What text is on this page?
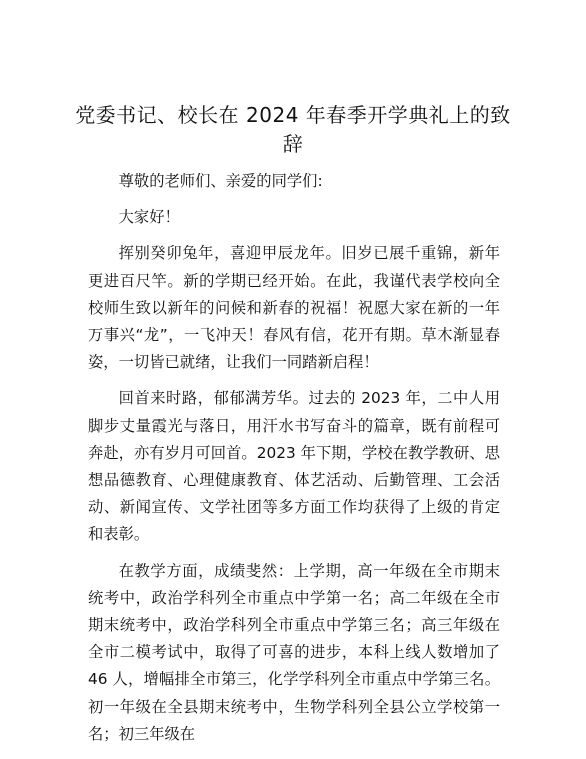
党委书记、校长在 2024 年春季开学典礼上的致辞

尊敬的老师们、亲爱的同学们:

大家好！

挥别癸卯兔年，喜迎甲辰龙年。旧岁已展千重锦，新年更进百尺竿。新的学期已经开始。在此，我谨代表学校向全校师生致以新年的问候和新春的祝福！祝愿大家在新的一年万事兴“龙”，一飞冲天！春风有信，花开有期。草木渐显春姿，一切皆已就绪，让我们一同踏新启程！

回首来时路，郁郁满芳华。过去的 2023 年，二中人用脚步丈量霞光与落日，用汗水书写奋斗的篇章，既有前程可奔赴，亦有岁月可回首。2023 年下期，学校在教学教研、思想品德教育、心理健康教育、体艺活动、后勤管理、工会活动、新闻宣传、文学社团等多方面工作均获得了上级的肯定和表彰。

在教学方面，成绩斐然：上学期，高一年级在全市期末统考中，政治学科列全市重点中学第一名；高二年级在全市期末统考中，政治学科列全市重点中学第三名；高三年级在全市二模考试中，取得了可喜的进步，本科上线人数增加了 46 人，增幅排全市第三，化学学科列全市重点中学第三名。初一年级在全县期末统考中，生物学科列全县公立学校第一名；初三年级在
